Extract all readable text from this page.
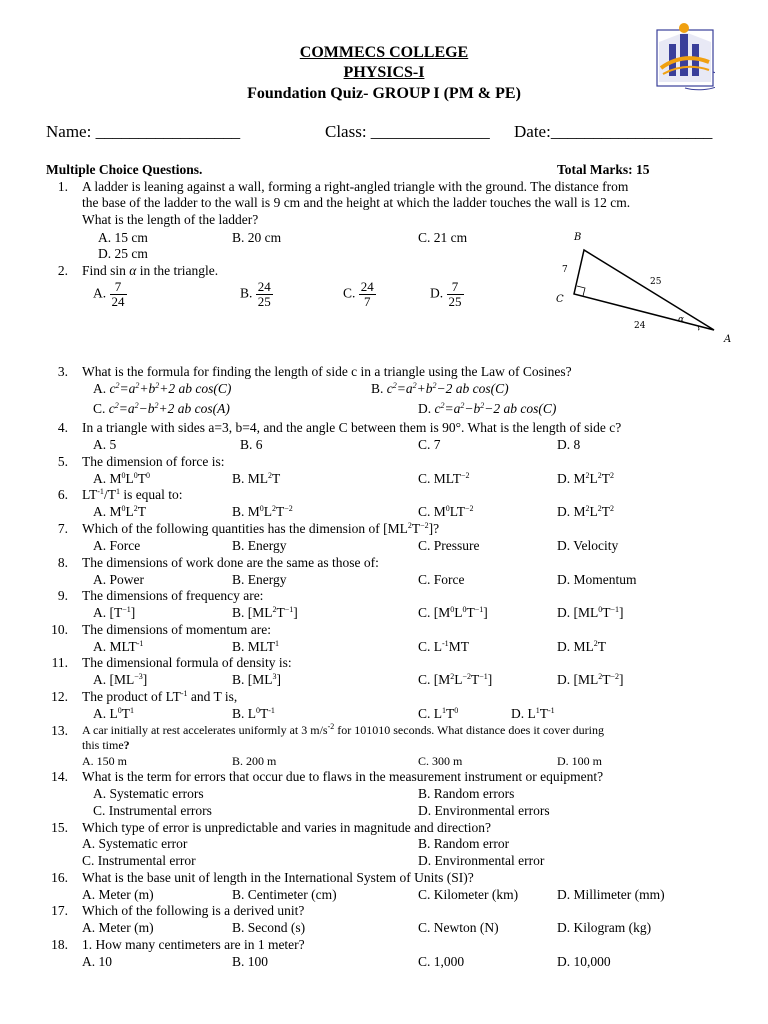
COMMECS COLLEGE
PHYSICS-I
Foundation Quiz- GROUP I (PM & PE)
Name: _________________	Class: ______________ Date:___________________
Multiple Choice Questions.	Total Marks: 15
1. A ladder is leaning against a wall, forming a right-angled triangle with the ground. The distance from
the base of the ladder to the wall is 9 cm and the height at which the ladder touches the wall is 12 cm.
What is the length of the ladder?
A. 15 cm	B. 20 cm	C. 21 cm
D. 25 cm
2. Find sin α in the triangle.
A. $\frac{7}{24}$	B. $\frac{24}{25}$	C. $\frac{24}{7}$	D. $\frac{7}{25}$
B
C
A
7
25
24
α
3. What is the formula for finding the length of side c in a triangle using the Law of Cosines?
A. $c^2=a^2+b^2+2$ ab cos(C)	B. $c^2=a^2+b^2-2$ ab cos(C)
C. $c^2=a^2-b^2+2$ ab cos(A)	D. $c^2=a^2-b^2-2$ ab cos(C)
4. In a triangle with sides a=3, b=4, and the angle C between them is 90°. What is the length of side c?
A. 5	B. 6	C. 7	D. 8
5. The dimension of force is:
A. $M^0L^0T^0$	B. $ML^2T$	C. $MLT^{-2}$	D. $M^2L^2T^2$
6. $LT^{-1}/T^1$ is equal to:
A. $M^0L^2T$	B. $M^0L^2T^{-2}$	C. $M^0LT^{-2}$	D. $M^2L^2T^2$
7. Which of the following quantities has the dimension of $[ML^2T^{-2}]$?
A. Force	B. Energy	C. Pressure	D. Velocity
8. The dimensions of work done are the same as those of:
A. Power	B. Energy	C. Force	D. Momentum
9. The dimensions of frequency are:
A. $[T^{-1}]$	B. $[ML^2T^{-1}]$	C. $[M^0L^0T^{-1}]$	D. $[ML^0T^{-1}]$
10. The dimensions of momentum are:
A. $MLT^{-1}$	B. MLT$^1$	C. $L^{-1}MT$	D. $ML^2T$
11. The dimensional formula of density is:
A. $[ML^{-3}]$	B. $[ML^3]$	C. $[M^2L^{-2}T^{-1}]$	D. $[ML^2T^{-2}]$
12. The product of $LT^{-1}$ and T is,
A. $L^0T^1$	B. $L^0T^{-1}$	C. $L^1T^0$	D. $L^1T^{-1}$
13. A car initially at rest accelerates uniformly at 3 $m/s^{-2}$ for 101010 seconds. What distance does it cover during
this time?
A. 150 m	B. 200 m	C. 300 m	D. 100 m
14. What is the term for errors that occur due to flaws in the measurement instrument or equipment?
A. Systematic errors	B. Random errors
C. Instrumental errors	D. Environmental errors
15. Which type of error is unpredictable and varies in magnitude and direction?
A. Systematic error	B. Random error
C. Instrumental error	D. Environmental error
16. What is the base unit of length in the International System of Units (SI)?
A. Meter (m)	B. Centimeter (cm)	C. Kilometer (km)	D. Millimeter (mm)
17. Which of the following is a derived unit?
A. Meter (m)	B. Second (s)	C. Newton (N)	D. Kilogram (kg)
18. 1. How many centimeters are in 1 meter?
A. 10	B. 100	C. 1,000	D. 10,000
